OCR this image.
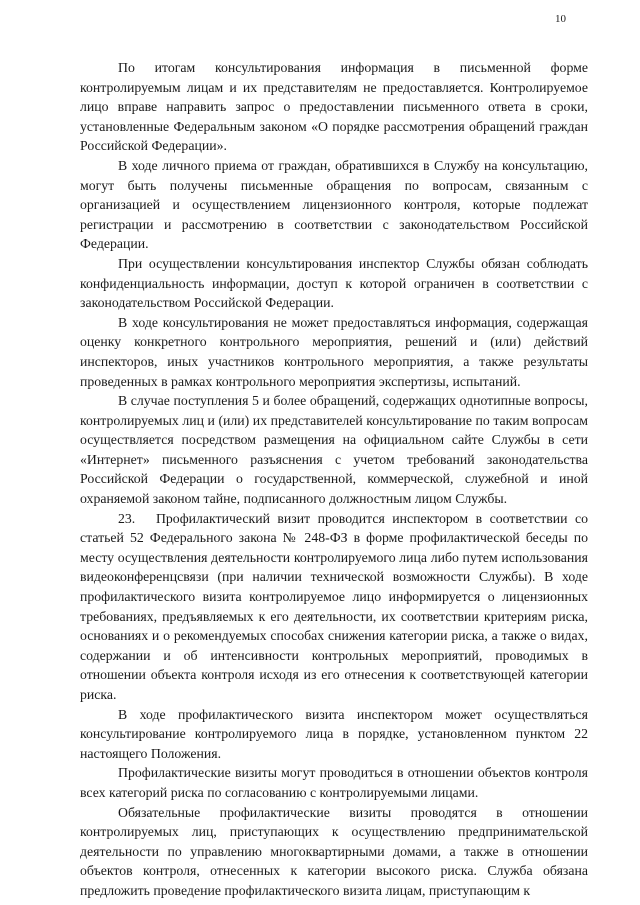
10

По итогам консультирования информация в письменной форме контролируемым лицам и их представителям не предоставляется. Контролируемое лицо вправе направить запрос о предоставлении письменного ответа в сроки, установленные Федеральным законом «О порядке рассмотрения обращений граждан Российской Федерации».

В ходе личного приема от граждан, обратившихся в Службу на консультацию, могут быть получены письменные обращения по вопросам, связанным с организацией и осуществлением лицензионного контроля, которые подлежат регистрации и рассмотрению в соответствии с законодательством Российской Федерации.

При осуществлении консультирования инспектор Службы обязан соблюдать конфиденциальность информации, доступ к которой ограничен в соответствии с законодательством Российской Федерации.

В ходе консультирования не может предоставляться информация, содержащая оценку конкретного контрольного мероприятия, решений и (или) действий инспекторов, иных участников контрольного мероприятия, а также результаты проведенных в рамках контрольного мероприятия экспертизы, испытаний.

В случае поступления 5 и более обращений, содержащих однотипные вопросы, контролируемых лиц и (или) их представителей консультирование по таким вопросам осуществляется посредством размещения на официальном сайте Службы в сети «Интернет» письменного разъяснения с учетом требований законодательства Российской Федерации о государственной, коммерческой, служебной и иной охраняемой законом тайне, подписанного должностным лицом Службы.

23.  Профилактический визит проводится инспектором в соответствии со статьей 52 Федерального закона № 248-ФЗ в форме профилактической беседы по месту осуществления деятельности контролируемого лица либо путем использования видеоконференцсвязи (при наличии технической возможности Службы). В ходе профилактического визита контролируемое лицо информируется о лицензионных требованиях, предъявляемых к его деятельности, их соответствии критериям риска, основаниях и о рекомендуемых способах снижения категории риска, а также о видах, содержании и об интенсивности контрольных мероприятий, проводимых в отношении объекта контроля исходя из его отнесения к соответствующей категории риска.

В ходе профилактического визита инспектором может осуществляться консультирование контролируемого лица в порядке, установленном пунктом 22 настоящего Положения.

Профилактические визиты могут проводиться в отношении объектов контроля всех категорий риска по согласованию с контролируемыми лицами.

Обязательные профилактические визиты проводятся в отношении контролируемых лиц, приступающих к осуществлению предпринимательской деятельности по управлению многоквартирными домами, а также в отношении объектов контроля, отнесенных к категории высокого риска. Служба обязана предложить проведение профилактического визита лицам, приступающим к
